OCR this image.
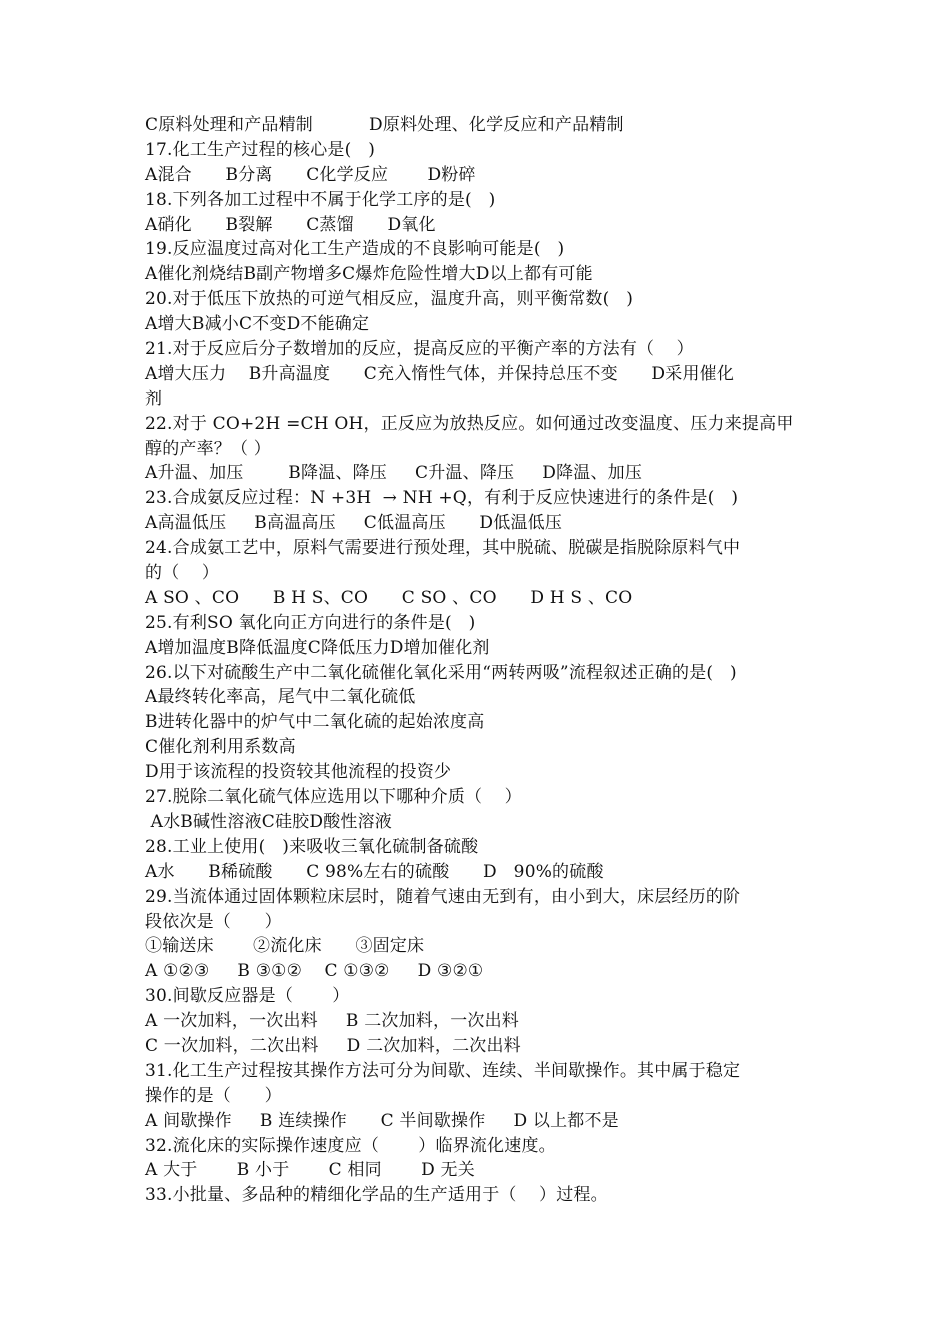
C原料处理和产品精制          D原料处理、化学反应和产品精制
17.化工生产过程的核心是(   )
A混合      B分离      C化学反应       D粉碎
18.下列各加工过程中不属于化学工序的是(   )
A硝化      B裂解      C蒸馏      D氧化
19.反应温度过高对化工生产造成的不良影响可能是(   )
A催化剂烧结B副产物增多C爆炸危险性增大D以上都有可能
20.对于低压下放热的可逆气相反应，温度升高，则平衡常数(   )
A增大B减小C不变D不能确定
21.对于反应后分子数增加的反应，提高反应的平衡产率的方法有（    ）
A增大压力    B升高温度      C充入惰性气体，并保持总压不变      D采用催化
剂
22.对于 CO+2H =CH OH，正反应为放热反应。如何通过改变温度、压力来提高甲
醇的产率？（ ）
A升温、加压        B降温、降压     C升温、降压     D降温、加压
23.合成氨反应过程：N +3H  → NH +Q，有利于反应快速进行的条件是(   )
A高温低压     B高温高压     C低温高压      D低温低压
24.合成氨工艺中，原料气需要进行预处理，其中脱硫、脱碳是指脱除原料气中
的（    ）
A SO 、CO      B H S、CO      C SO 、CO      D H S 、CO
25.有利SO 氧化向正方向进行的条件是(   )
A增加温度B降低温度C降低压力D增加催化剂
26.以下对硫酸生产中二氧化硫催化氧化采用“两转两吸”流程叙述正确的是(   )
A最终转化率高，尾气中二氧化硫低
B进转化器中的炉气中二氧化硫的起始浓度高
C催化剂利用系数高
D用于该流程的投资较其他流程的投资少
27.脱除二氧化硫气体应选用以下哪种介质（    ）
A水B碱性溶液C硅胶D酸性溶液
28.工业上使用(   )来吸收三氧化硫制备硫酸
A水      B稀硫酸      C 98%左右的硫酸      D   90%的硫酸
29.当流体通过固体颗粒床层时，随着气速由无到有，由小到大，床层经历的阶
段依次是（      ）
①输送床       ②流化床      ③固定床
A ①②③     B ③①②    C ①③②     D ③②①
30.间歇反应器是（       ）
A 一次加料，一次出料     B 二次加料，一次出料
C 一次加料，二次出料     D 二次加料，二次出料
31.化工生产过程按其操作方法可分为间歇、连续、半间歇操作。其中属于稳定
操作的是（      ）
A 间歇操作     B 连续操作      C 半间歇操作     D 以上都不是
32.流化床的实际操作速度应（       ）临界流化速度。
A 大于       B 小于       C 相同       D 无关
33.小批量、多品种的精细化学品的生产适用于（    ）过程。
